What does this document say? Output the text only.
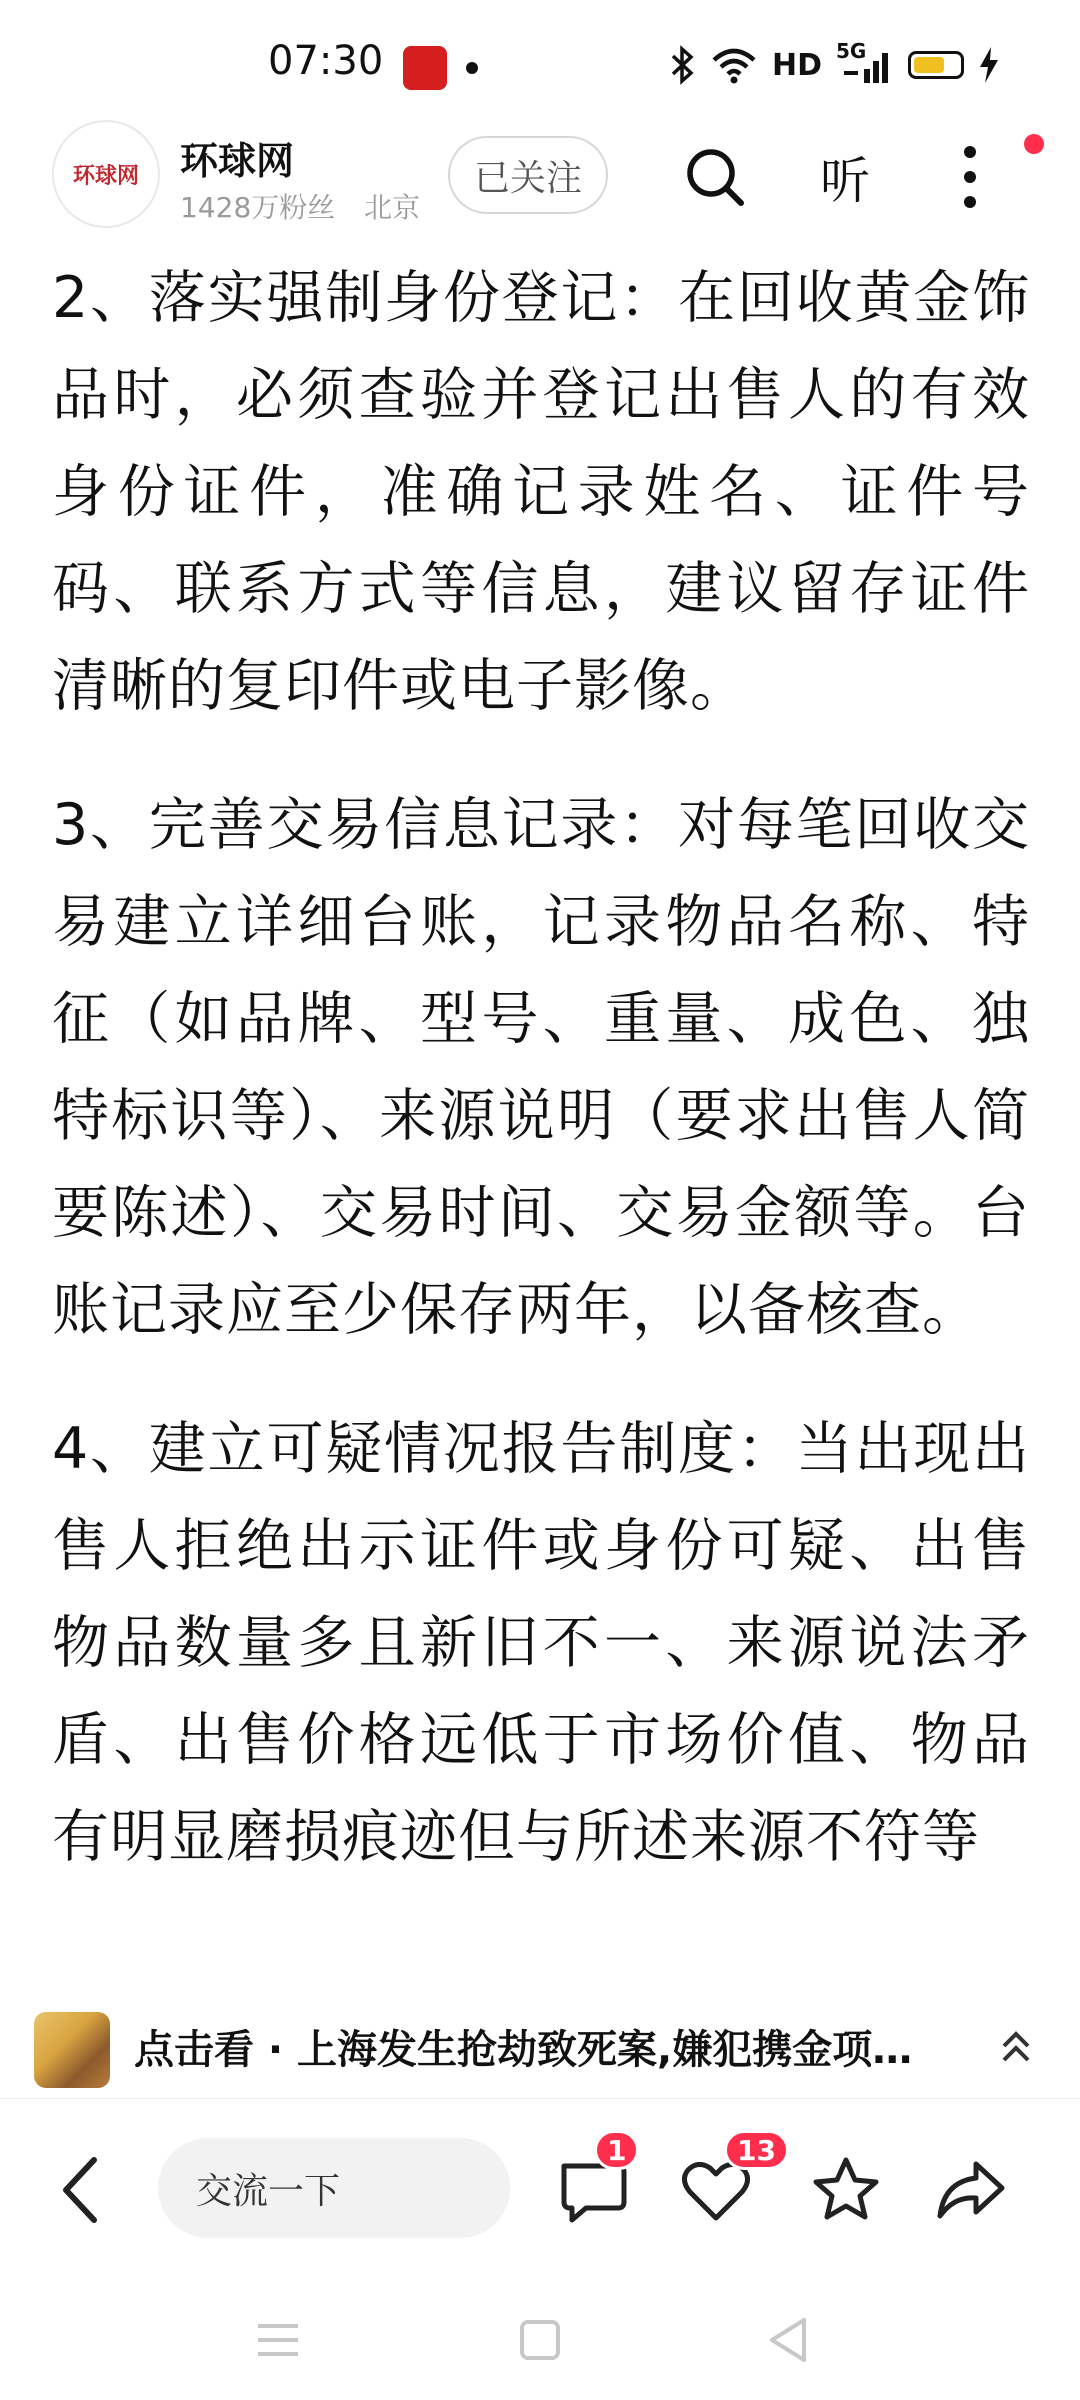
07:30	HD 5G
环球网 环球网
1428万粉丝 北京
已关注	听

2、落实强制身份登记：在回收黄金饰品时，必须查验并登记出售人的有效身份证件，准确记录姓名、证件号码、联系方式等信息，建议留存证件清晰的复印件或电子影像。

3、完善交易信息记录：对每笔回收交易建立详细台账，记录物品名称、特征（如品牌、型号、重量、成色、独特标识等）、来源说明（要求出售人简要陈述）、交易时间、交易金额等。台账记录应至少保存两年，以备核查。

4、建立可疑情况报告制度：当出现出售人拒绝出示证件或身份可疑、出售物品数量多且新旧不一、来源说法矛盾、出售价格远低于市场价值、物品有明显磨损痕迹但与所述来源不符等

点击看 · 上海发生抢劫致死案,嫌犯携金项…
交流一下
1	13
